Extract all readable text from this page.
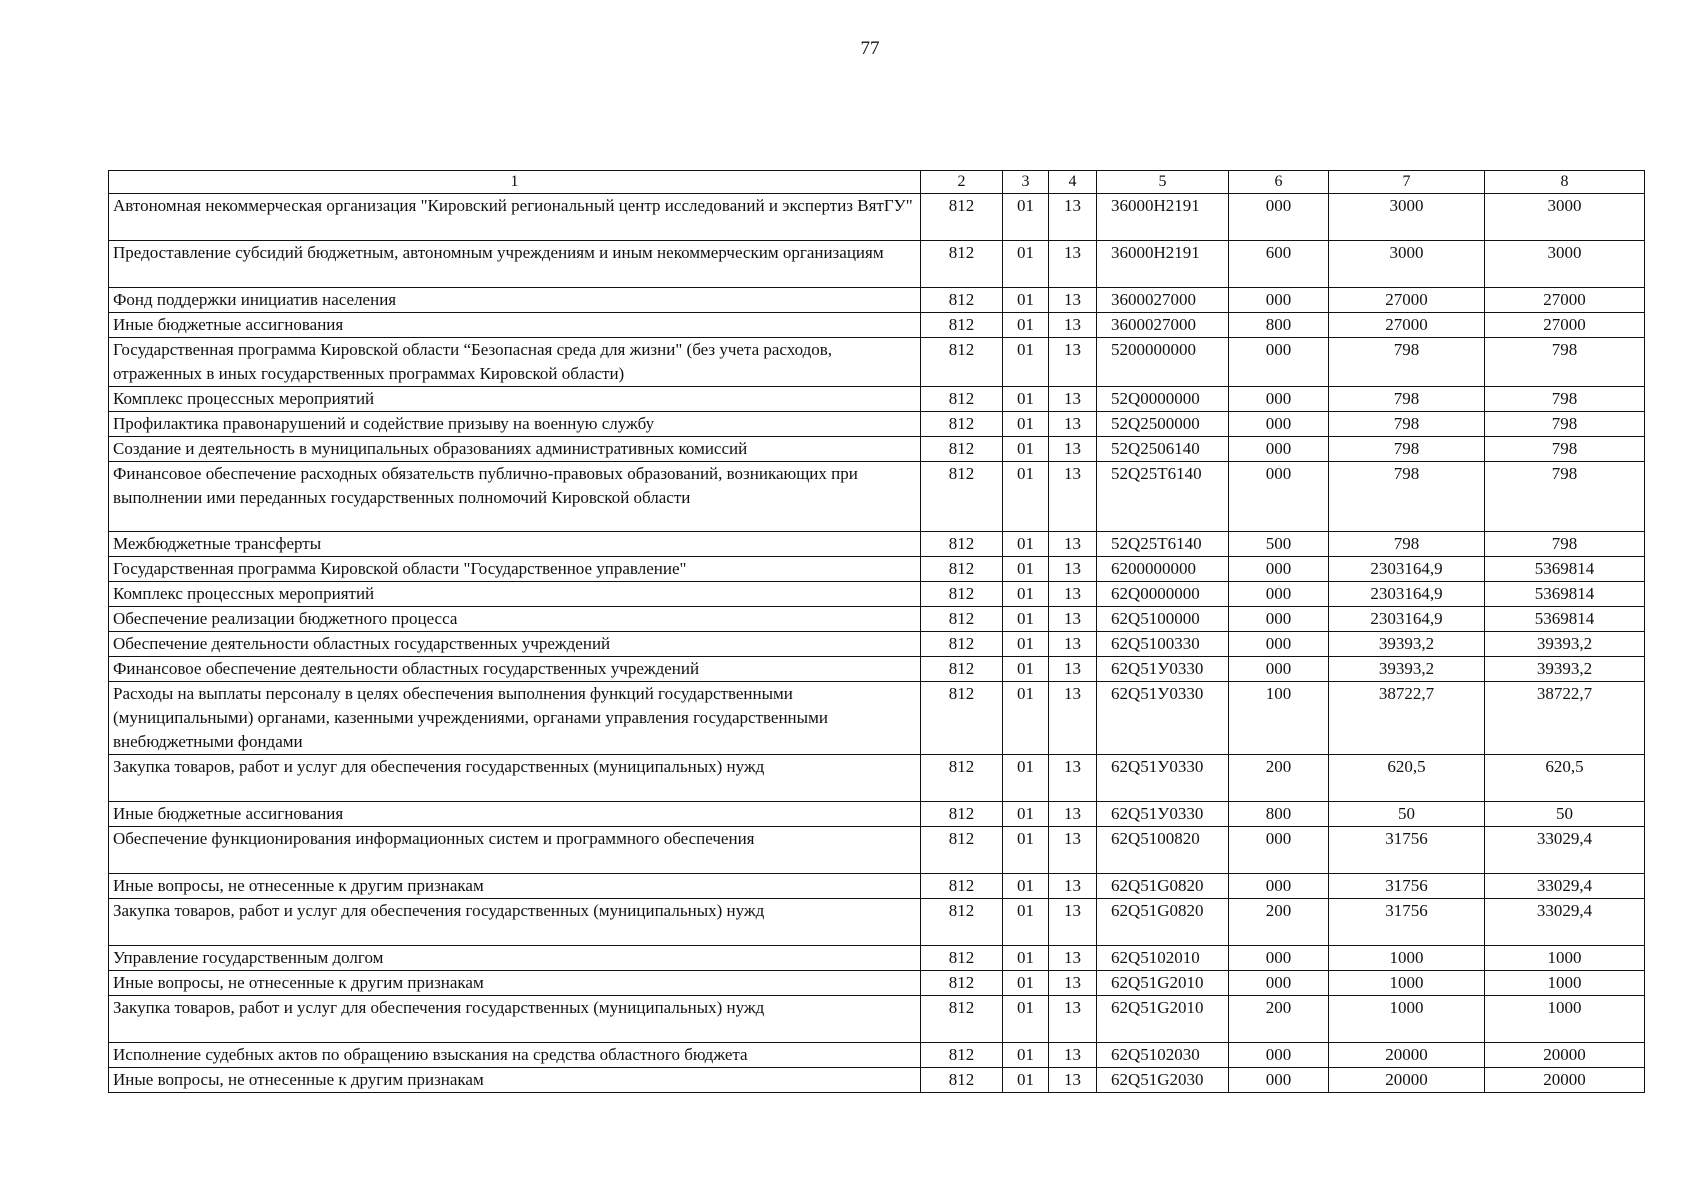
77
1	2	3	4	5	6	7	8
Автономная некоммерческая организация "Кировский региональный центр исследований и экспертиз ВятГУ"	812	01	13	36000Н2191	000	3000	3000
Предоставление субсидий бюджетным, автономным учреждениям и иным некоммерческим организациям	812	01	13	36000Н2191	600	3000	3000
Фонд поддержки инициатив населения	812	01	13	3600027000	000	27000	27000
Иные бюджетные ассигнования	812	01	13	3600027000	800	27000	27000
Государственная программа Кировской области “Безопасная среда для жизни" (без учета расходов, отраженных в иных государственных программах Кировской области)	812	01	13	5200000000	000	798	798
Комплекс процессных мероприятий	812	01	13	52Q0000000	000	798	798
Профилактика правонарушений и содействие призыву на военную службу	812	01	13	52Q2500000	000	798	798
Создание и деятельность в муниципальных образованиях административных комиссий	812	01	13	52Q2506140	000	798	798
Финансовое обеспечение расходных обязательств публично-правовых образований, возникающих при выполнении ими переданных государственных полномочий Кировской области	812	01	13	52Q25Т6140	000	798	798
Межбюджетные трансферты	812	01	13	52Q25Т6140	500	798	798
Государственная программа Кировской области "Государственное управление"	812	01	13	6200000000	000	2303164,9	5369814
Комплекс процессных мероприятий	812	01	13	62Q0000000	000	2303164,9	5369814
Обеспечение реализации бюджетного процесса	812	01	13	62Q5100000	000	2303164,9	5369814
Обеспечение деятельности областных государственных учреждений	812	01	13	62Q5100330	000	39393,2	39393,2
Финансовое обеспечение деятельности областных государственных учреждений	812	01	13	62Q51У0330	000	39393,2	39393,2
Расходы на выплаты персоналу в целях обеспечения выполнения функций государственными (муниципальными) органами, казенными учреждениями, органами управления государственными внебюджетными фондами	812	01	13	62Q51У0330	100	38722,7	38722,7
Закупка товаров, работ и услуг для обеспечения государственных (муниципальных) нужд	812	01	13	62Q51У0330	200	620,5	620,5
Иные бюджетные ассигнования	812	01	13	62Q51У0330	800	50	50
Обеспечение функционирования информационных систем и программного обеспечения	812	01	13	62Q5100820	000	31756	33029,4
Иные вопросы, не отнесенные к другим признакам	812	01	13	62Q51G0820	000	31756	33029,4
Закупка товаров, работ и услуг для обеспечения государственных (муниципальных) нужд	812	01	13	62Q51G0820	200	31756	33029,4
Управление государственным долгом	812	01	13	62Q5102010	000	1000	1000
Иные вопросы, не отнесенные к другим признакам	812	01	13	62Q51G2010	000	1000	1000
Закупка товаров, работ и услуг для обеспечения государственных (муниципальных) нужд	812	01	13	62Q51G2010	200	1000	1000
Исполнение судебных актов по обращению взыскания на средства областного бюджета	812	01	13	62Q5102030	000	20000	20000
Иные вопросы, не отнесенные к другим признакам	812	01	13	62Q51G2030	000	20000	20000
